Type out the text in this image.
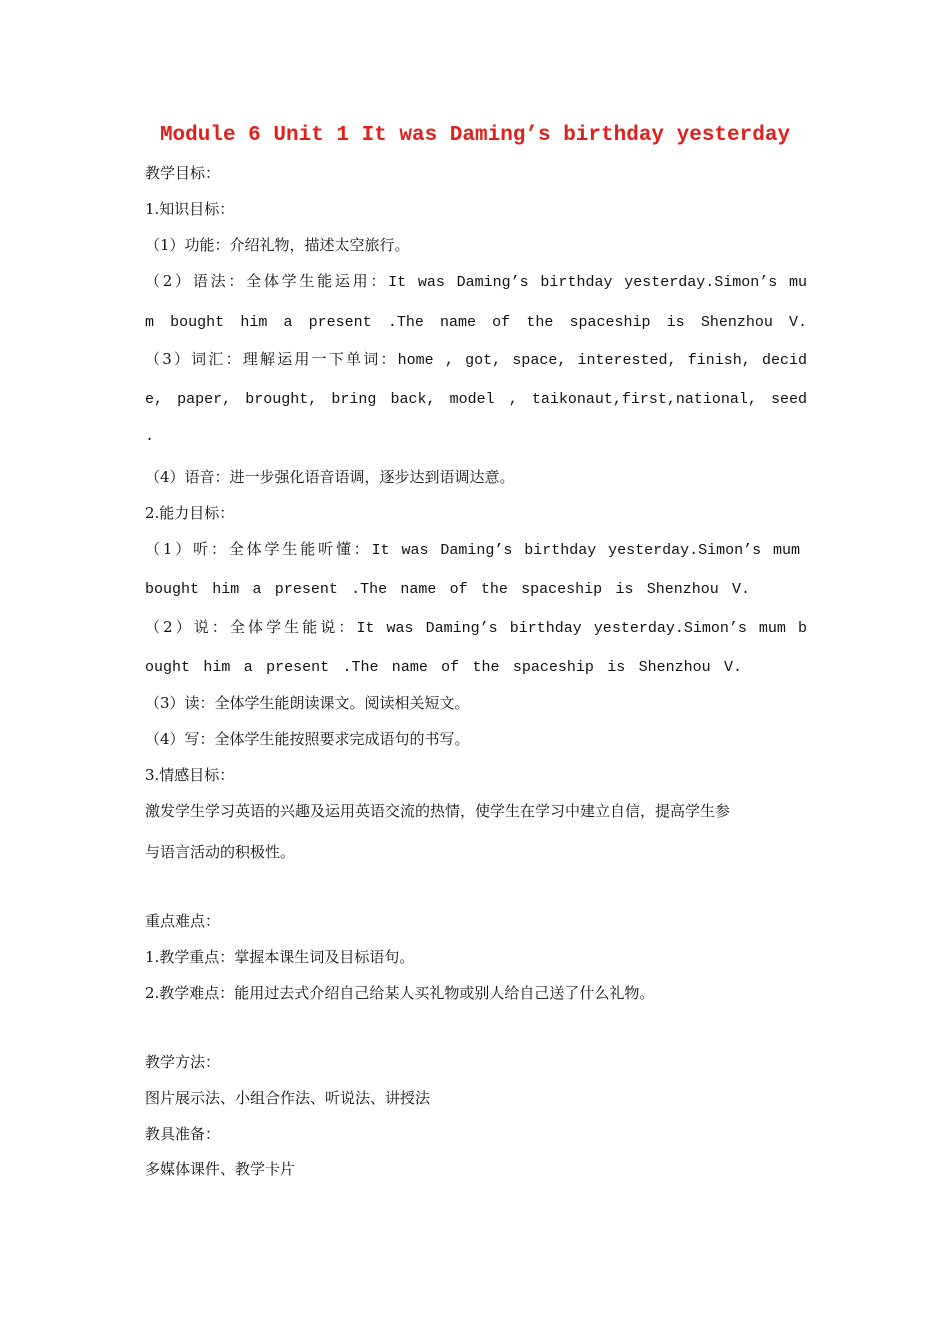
Module 6 Unit 1 It was Daming’s birthday yesterday
教学目标：
1.知识目标：
（1）功能：介绍礼物，描述太空旅行。
（2）语法：全体学生能运用：It was Daming’s birthday yesterday.Simon’s mu
m bought him a present .The name of the spaceship is Shenzhou V.
（3）词汇：理解运用一下单词：home , got, space, interested, finish, decid
e, paper, brought, bring back, model , taikonaut,first,national, seed
.
（4）语音：进一步强化语音语调，逐步达到语调达意。
2.能力目标：
（1）听：全体学生能听懂：It was Daming’s birthday yesterday.Simon’s mum
bought him a present .The name of the spaceship is Shenzhou V.
（2）说：全体学生能说：It was Daming’s birthday yesterday.Simon’s mum b
ought him a present .The name of the spaceship is Shenzhou V.
（3）读：全体学生能朗读课文。阅读相关短文。
（4）写：全体学生能按照要求完成语句的书写。
3.情感目标：
激发学生学习英语的兴趣及运用英语交流的热情，使学生在学习中建立自信，提高学生参
与语言活动的积极性。
重点难点：
1.教学重点：掌握本课生词及目标语句。
2.教学难点：能用过去式介绍自己给某人买礼物或别人给自己送了什么礼物。
教学方法：
图片展示法、小组合作法、听说法、讲授法
教具准备：
多媒体课件、教学卡片
